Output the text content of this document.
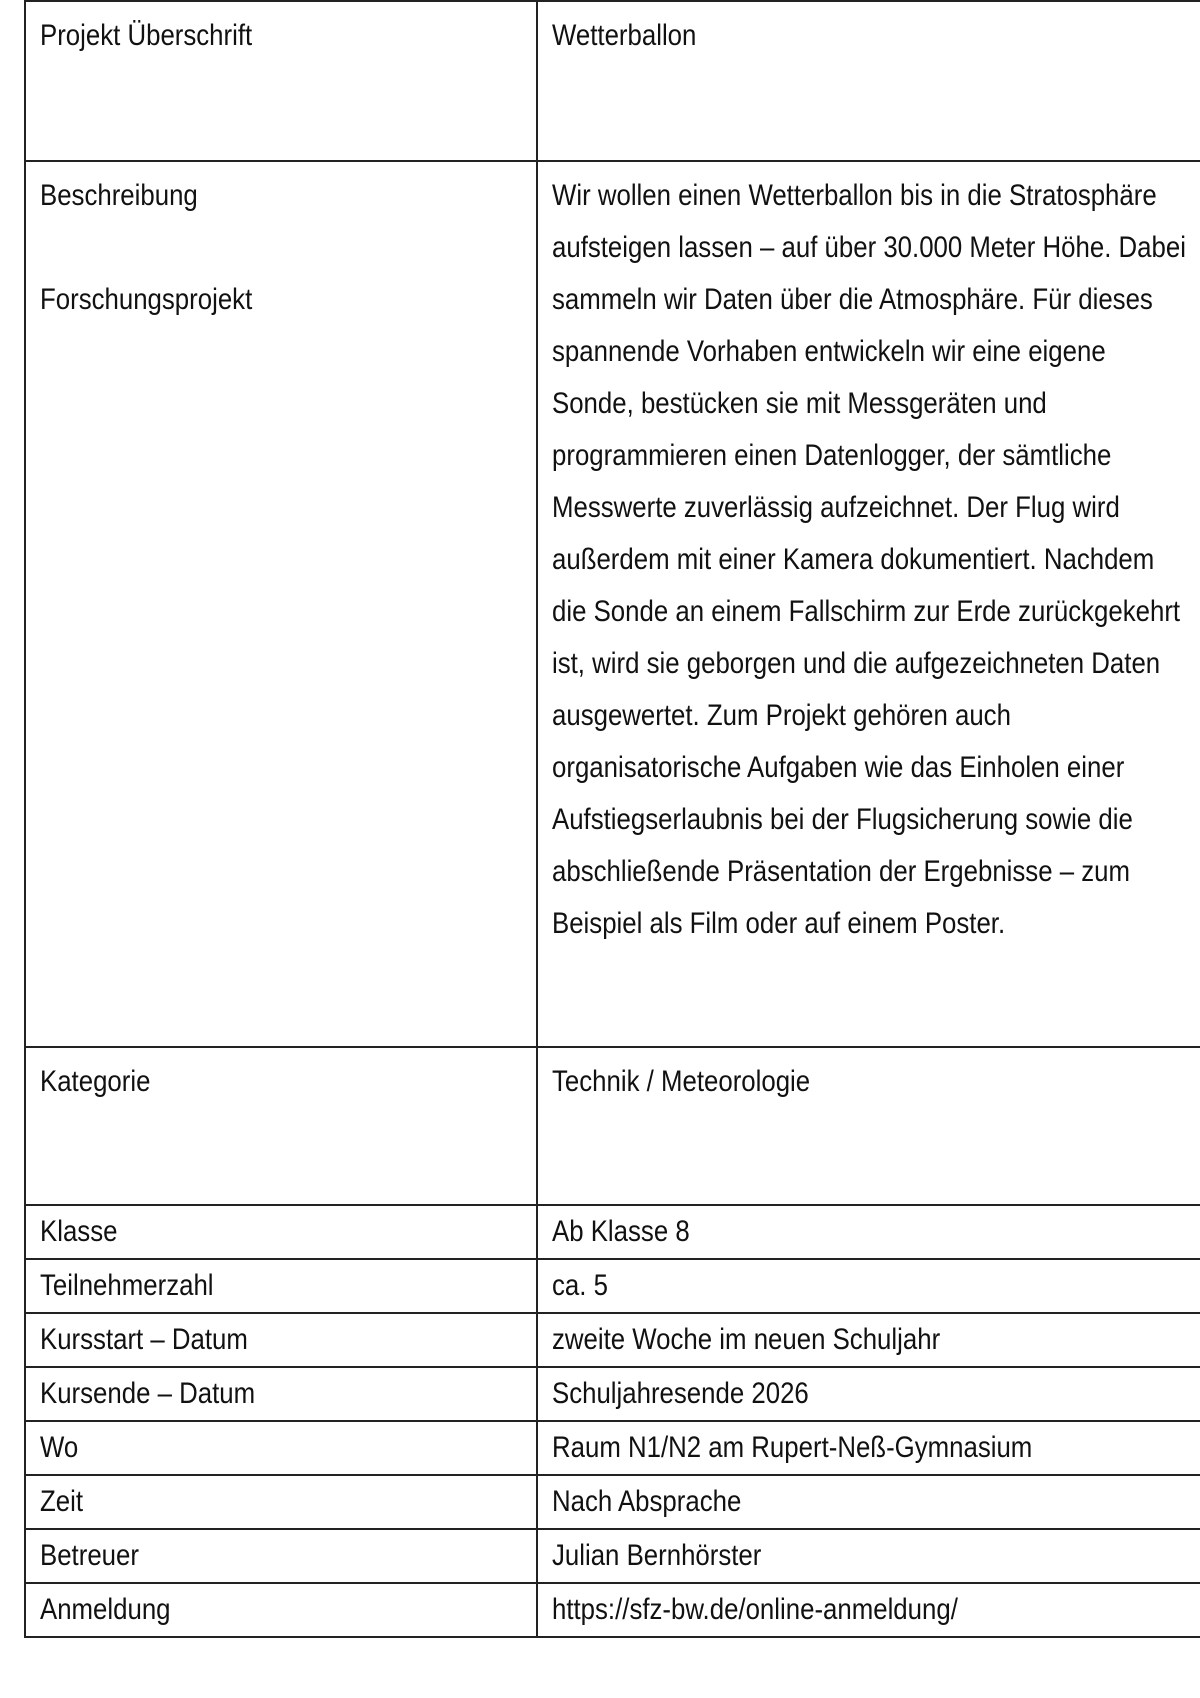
Projekt Überschrift	Wetterballon

Beschreibung
Forschungsprojekt	Wir wollen einen Wetterballon bis in die Stratosphäre aufsteigen lassen – auf über 30.000 Meter Höhe. Dabei sammeln wir Daten über die Atmosphäre. Für dieses spannende Vorhaben entwickeln wir eine eigene Sonde, bestücken sie mit Messgeräten und programmieren einen Datenlogger, der sämtliche Messwerte zuverlässig aufzeichnet. Der Flug wird außerdem mit einer Kamera dokumentiert. Nachdem die Sonde an einem Fallschirm zur Erde zurückgekehrt ist, wird sie geborgen und die aufgezeichneten Daten ausgewertet. Zum Projekt gehören auch organisatorische Aufgaben wie das Einholen einer Aufstiegserlaubnis bei der Flugsicherung sowie die abschließende Präsentation der Ergebnisse – zum Beispiel als Film oder auf einem Poster.

Kategorie	Technik / Meteorologie

Klasse	Ab Klasse 8

Teilnehmerzahl	ca. 5

Kursstart – Datum	zweite Woche im neuen Schuljahr

Kursende – Datum	Schuljahresende 2026

Wo	Raum N1/N2 am Rupert-Neß-Gymnasium

Zeit	Nach Absprache

Betreuer	Julian Bernhörster

Anmeldung	https://sfz-bw.de/online-anmeldung/
